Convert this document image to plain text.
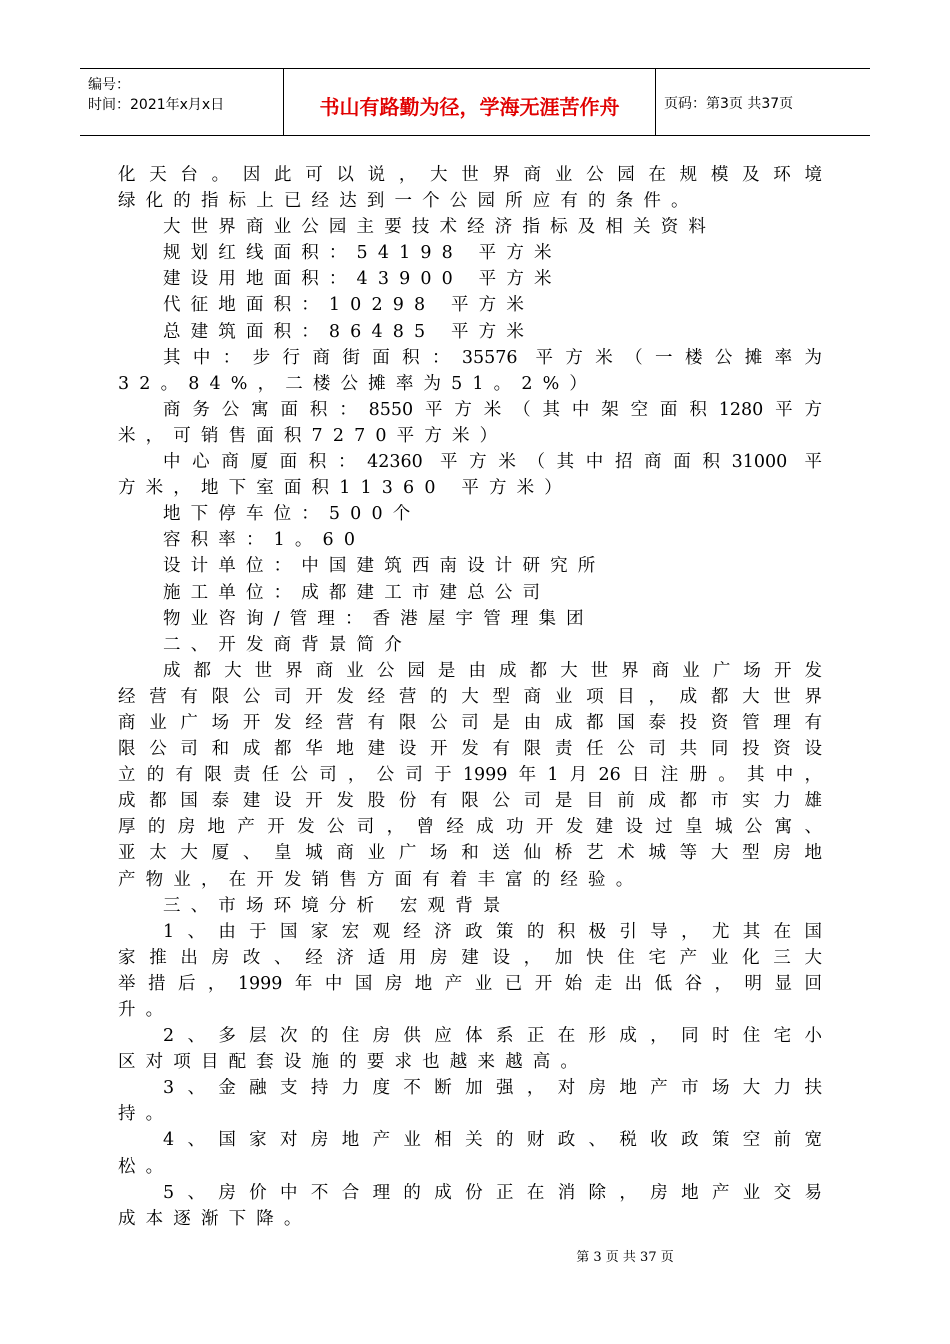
编号：
时间：2021年x月x日	书山有路勤为径，学海无涯苦作舟	页码：第3页 共37页
化天台。因此可以说，大世界商业公园在规模及环境
绿化的指标上已经达到一个公园所应有的条件。
大世界商业公园主要技术经济指标及相关资料
规划红线面积：54198 平方米
建设用地面积：43900 平方米
代征地面积：10298 平方米
总建筑面积：86485 平方米
其中：步行商街面积：35576 平方米（一楼公摊率为
32。84%，二楼公摊率为51。2%）
商务公寓面积：8550平方米（其中架空面积1280平方
米，可销售面积7270平方米）
中心商厦面积：42360 平方米（其中招商面积31000 平
方米，地下室面积11360 平方米）
地下停车位：500个
容积率：1。60
设计单位：中国建筑西南设计研究所
施工单位：成都建工市建总公司
物业咨询/管理：香港屋宇管理集团
二、开发商背景简介
成都大世界商业公园是由成都大世界商业广场开发
经营有限公司开发经营的大型商业项目，成都大世界
商业广场开发经营有限公司是由成都国泰投资管理有
限公司和成都华地建设开发有限责任公司共同投资设
立的有限责任公司，公司于1999年1月26日注册。其中，
成都国泰建设开发股份有限公司是目前成都市实力雄
厚的房地产开发公司，曾经成功开发建设过皇城公寓、
亚太大厦、皇城商业广场和送仙桥艺术城等大型房地
产物业，在开发销售方面有着丰富的经验。
三、市场环境分析 宏观背景
1、由于国家宏观经济政策的积极引导，尤其在国
家推出房改、经济适用房建设，加快住宅产业化三大
举措后，1999年中国房地产业已开始走出低谷，明显回
升。
2、多层次的住房供应体系正在形成，同时住宅小
区对项目配套设施的要求也越来越高。
3、金融支持力度不断加强，对房地产市场大力扶
持。
4、国家对房地产业相关的财政、税收政策空前宽
松。
5、房价中不合理的成份正在消除，房地产业交易
成本逐渐下降。
第 3 页 共 37 页
